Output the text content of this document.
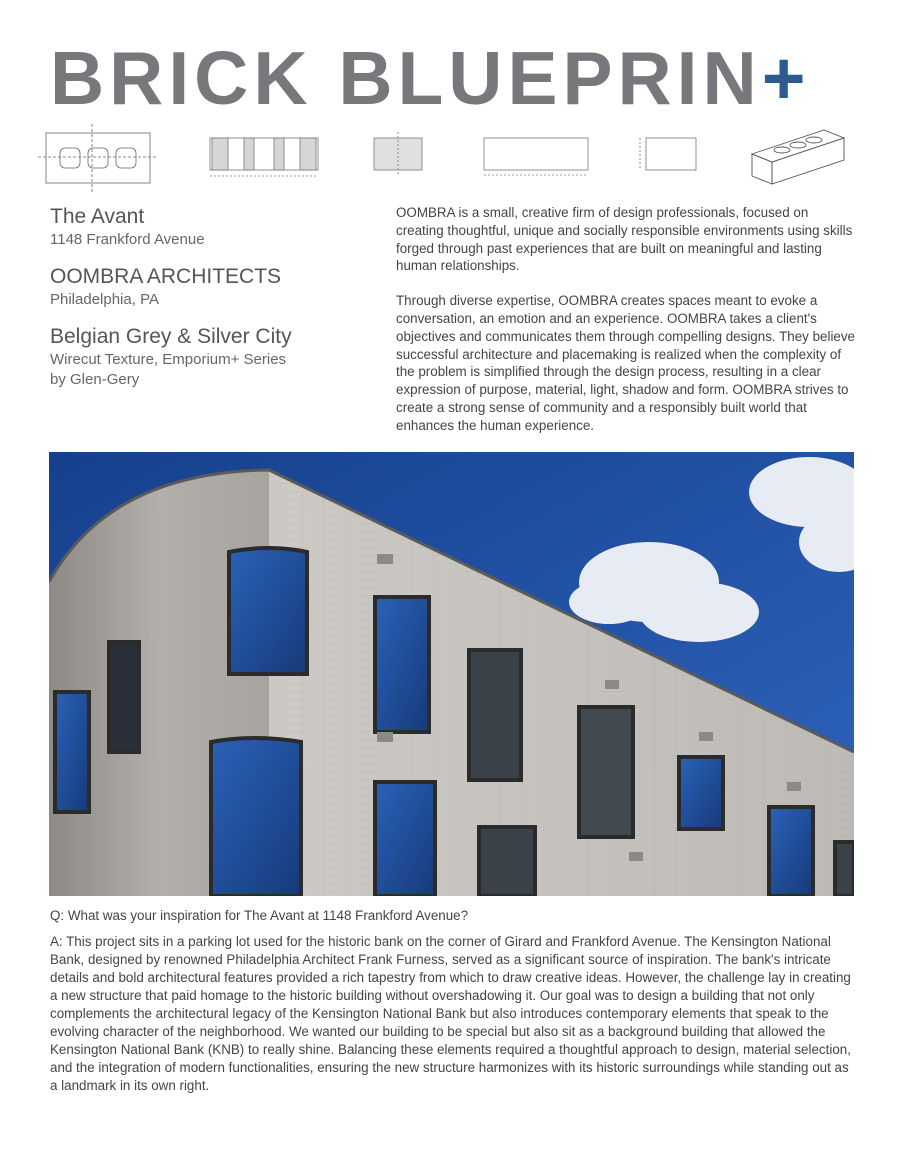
BRICK BLUEPRIN+
The Avant
1148 Frankford Avenue
OOMBRA ARCHITECTS
Philadelphia, PA
Belgian Grey & Silver City
Wirecut Texture, Emporium+ Series
by Glen-Gery

OOMBRA is a small, creative firm of design professionals, focused on creating thoughtful, unique and socially responsible environments using skills forged through past experiences that are built on meaningful and lasting human relationships.

Through diverse expertise, OOMBRA creates spaces meant to evoke a conversation, an emotion and an experience. OOMBRA takes a client's objectives and communicates them through compelling designs. They believe successful architecture and placemaking is realized when the complexity of the problem is simplified through the design process, resulting in a clear expression of purpose, material, light, shadow and form. OOMBRA strives to create a strong sense of community and a responsibly built world that enhances the human experience.

Q: What was your inspiration for The Avant at 1148 Frankford Avenue?
A: This project sits in a parking lot used for the historic bank on the corner of Girard and Frankford Avenue. The Kensington National Bank, designed by renowned Philadelphia Architect Frank Furness, served as a significant source of inspiration. The bank's intricate details and bold architectural features provided a rich tapestry from which to draw creative ideas. However, the challenge lay in creating a new structure that paid homage to the historic building without overshadowing it. Our goal was to design a building that not only complements the architectural legacy of the Kensington National Bank but also introduces contemporary elements that speak to the evolving character of the neighborhood. We wanted our building to be special but also sit as a background building that allowed the Kensington National Bank (KNB) to really shine. Balancing these elements required a thoughtful approach to design, material selection, and the integration of modern functionalities, ensuring the new structure harmonizes with its historic surroundings while standing out as a landmark in its own right.
